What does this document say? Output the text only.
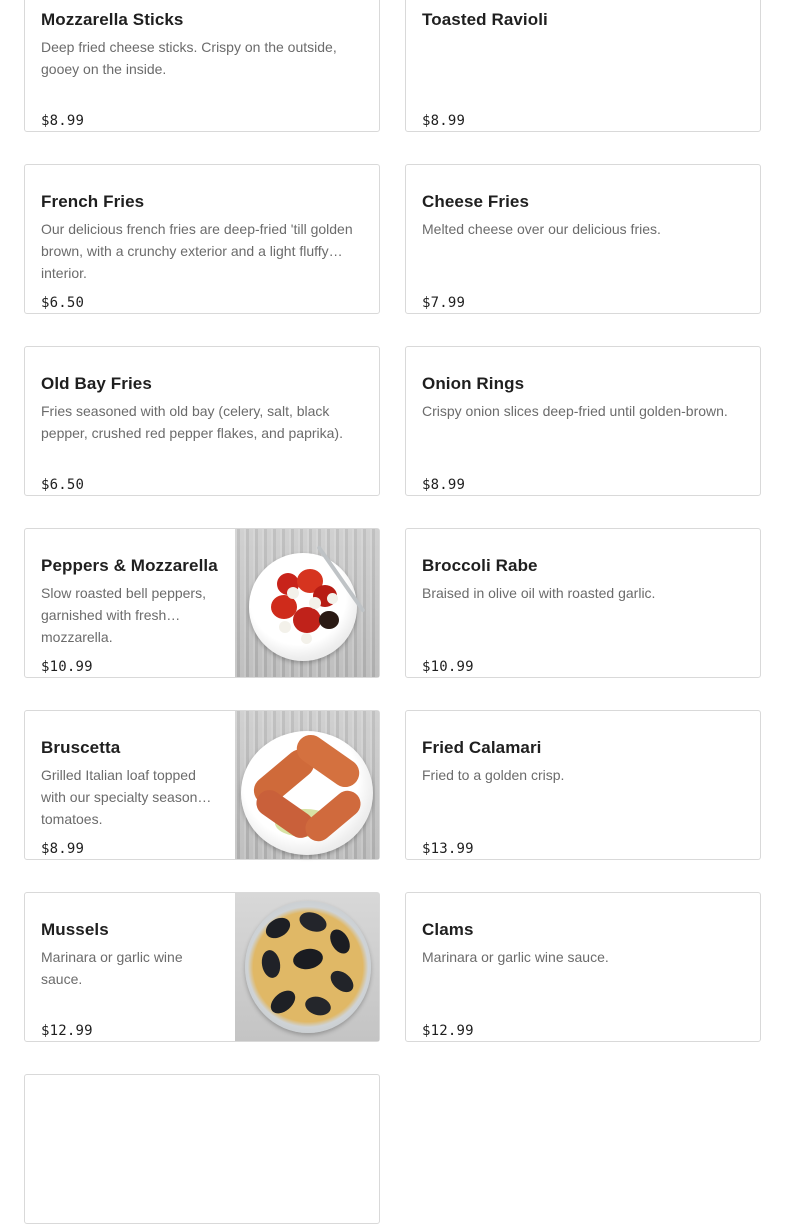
Mozzarella Sticks
Deep fried cheese sticks. Crispy on the outside, gooey on the inside.
$8.99
Toasted Ravioli
$8.99
French Fries
Our delicious french fries are deep-fried 'till golden brown, with a crunchy exterior and a light fluffy interior.
$6.50
Cheese Fries
Melted cheese over our delicious fries.
$7.99
Old Bay Fries
Fries seasoned with old bay (celery, salt, black pepper, crushed red pepper flakes, and paprika).
$6.50
Onion Rings
Crispy onion slices deep-fried until golden-brown.
$8.99
Peppers & Mozzarella
Slow roasted bell peppers, garnished with fresh mozzarella.
$10.99
Broccoli Rabe
Braised in olive oil with roasted garlic.
$10.99
Bruscetta
Grilled Italian loaf topped with our specialty seasoned tomatoes.
$8.99
Fried Calamari
Fried to a golden crisp.
$13.99
Mussels
Marinara or garlic wine sauce.
$12.99
Clams
Marinara or garlic wine sauce.
$12.99
